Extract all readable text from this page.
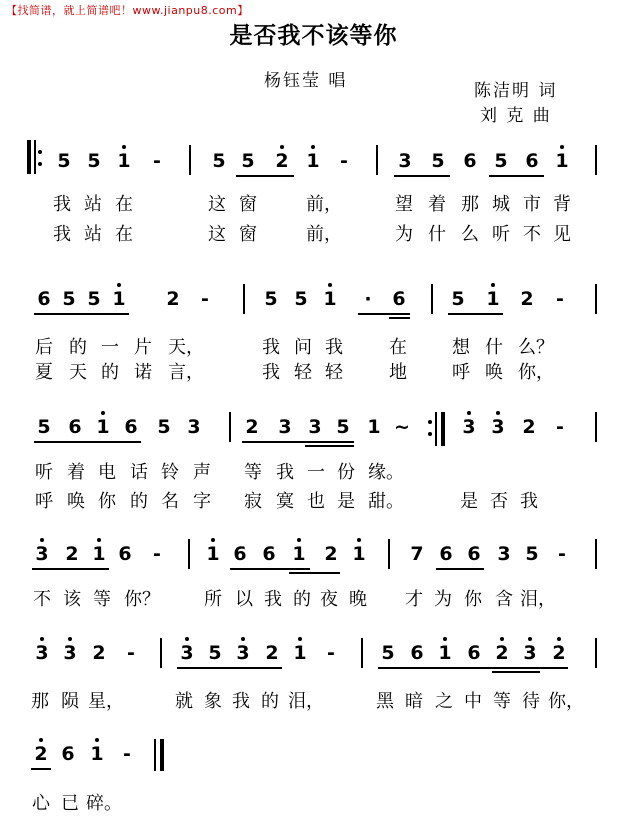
【找简谱，就上简谱吧！www.jianpu8.com】
是否我不该等你
杨钰莹 唱	陈洁明 词
刘 克 曲
5 5 1 -	5 5 2 1 -	3 5 6 5 6 1
我 站 在	这 窗	前，	望 着 那 城 市 背
我 站 在	这 窗	前，	为 什 么 听 不 见
6 5 5 1 2 -	5 5 1 · 6 5 1 2 -
后 的 一 片 天，	我 问 我	在	想 什 么？
夏 天 的 诺 言，	我 轻 轻	地	呼 唤 你，
5 6 1 6 5 3 2 3 3 5 1 ~	3 3 2 -
听 着 电 话 铃 声 等 我 一 份 缘。
呼 唤 你 的 名 字 寂 寞 也 是 甜。	是 否 我
3 2 1 6 - 1 6 6 1 2 1 7 6 6 3 5 -
不 该 等 你？ 所 以 我 的 夜 晚 才 为 你 含 泪，
3 3 2 - 3 5 3 2 1 - 5 6 1 6 2 3 2
那 陨 星，	就 象 我 的 泪，	黑 暗 之 中 等 待 你，
2 6 1 -
心 已 碎。
